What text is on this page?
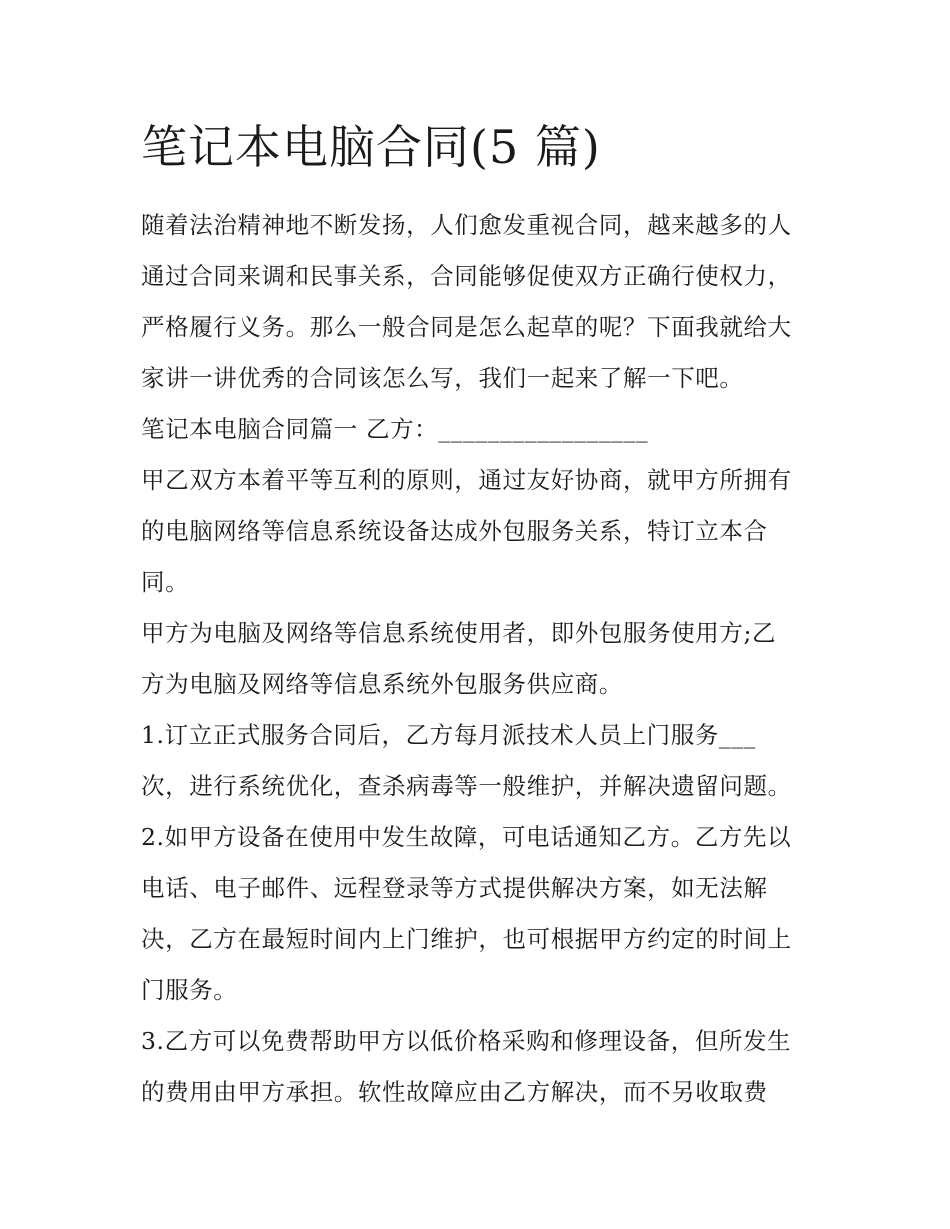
笔记本电脑合同(5 篇)

随着法治精神地不断发扬，人们愈发重视合同，越来越多的人
通过合同来调和民事关系，合同能够促使双方正确行使权力，
严格履行义务。那么一般合同是怎么起草的呢？下面我就给大
家讲一讲优秀的合同该怎么写，我们一起来了解一下吧。

笔记本电脑合同篇一 乙方：_________________

甲乙双方本着平等互利的原则，通过友好协商，就甲方所拥有
的电脑网络等信息系统设备达成外包服务关系，特订立本合
同。

甲方为电脑及网络等信息系统使用者，即外包服务使用方;乙
方为电脑及网络等信息系统外包服务供应商。

1.订立正式服务合同后，乙方每月派技术人员上门服务___
次，进行系统优化，查杀病毒等一般维护，并解决遗留问题。

2.如甲方设备在使用中发生故障，可电话通知乙方。乙方先以
电话、电子邮件、远程登录等方式提供解决方案，如无法解
决，乙方在最短时间内上门维护，也可根据甲方约定的时间上
门服务。

3.乙方可以免费帮助甲方以低价格采购和修理设备，但所发生
的费用由甲方承担。软性故障应由乙方解决，而不另收取费
